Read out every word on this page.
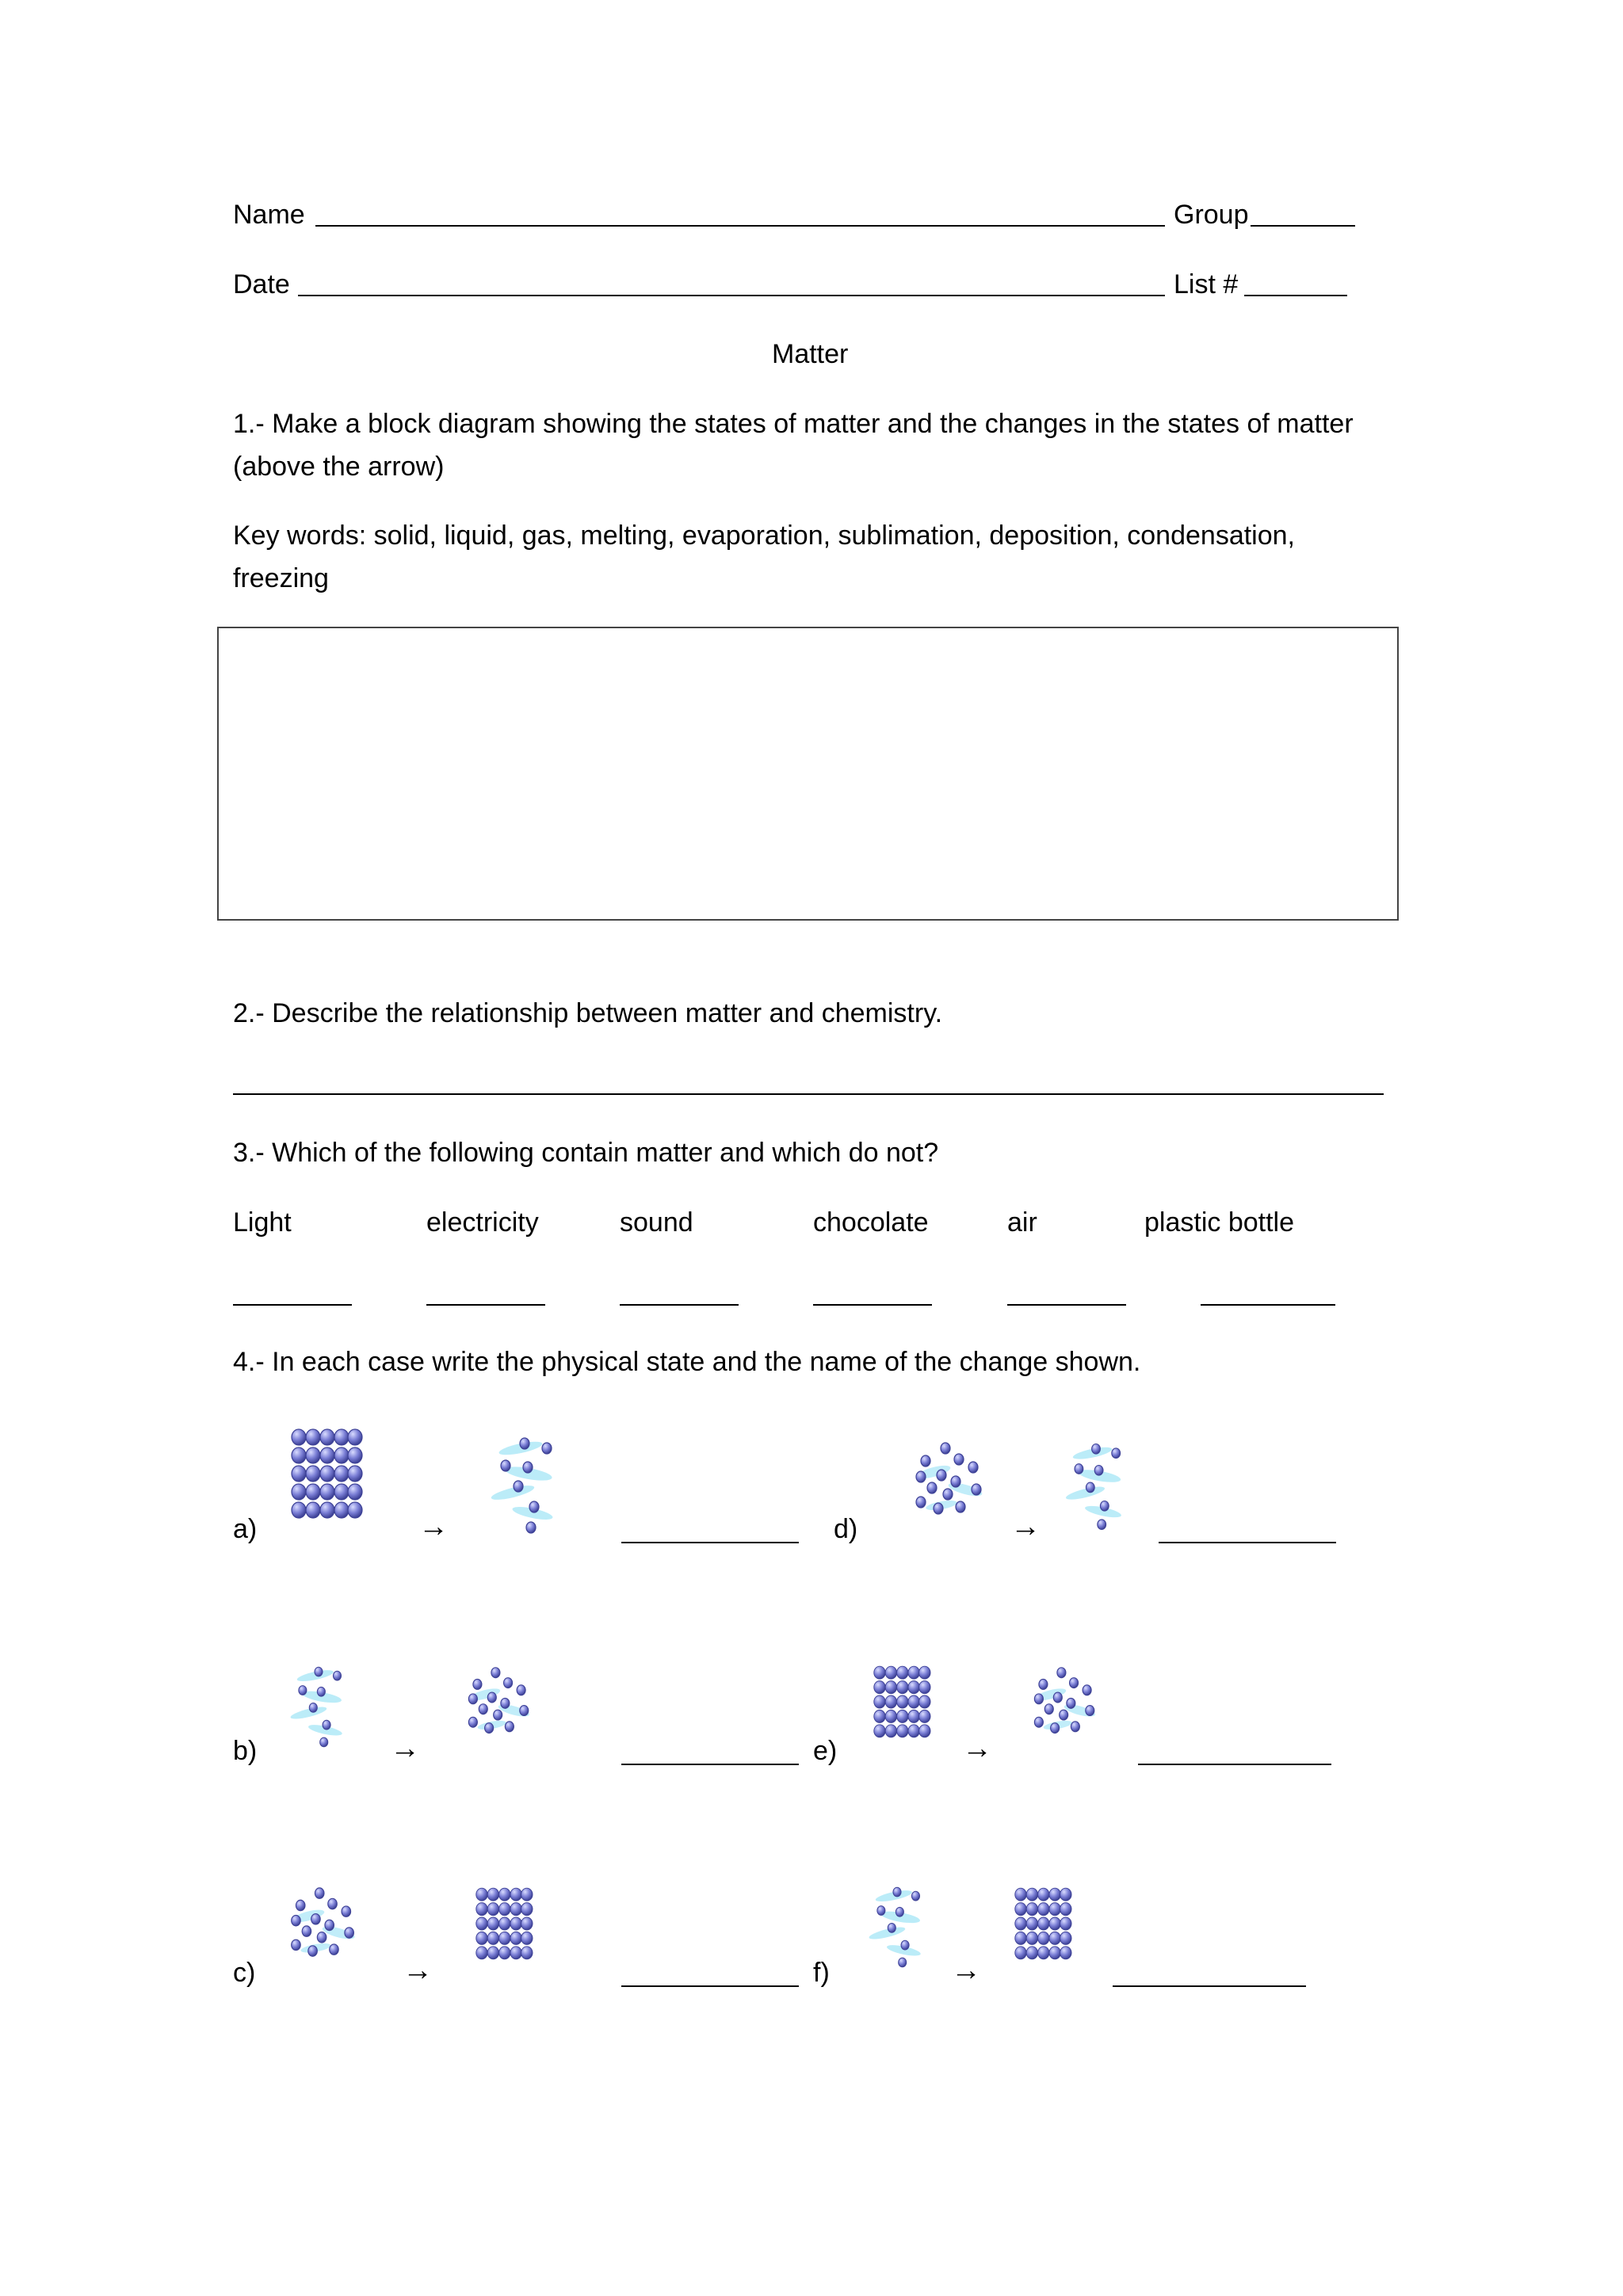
Name	Group
Date	List #
Matter
1.- Make a block diagram showing the states of matter and the changes in the states of matter (above the arrow)
Key words: solid, liquid, gas, melting, evaporation, sublimation, deposition, condensation, freezing
2.- Describe the relationship between matter and chemistry.
3.- Which of the following contain matter and which do not?
Light	electricity	sound	chocolate	air	plastic bottle
4.- In each case write the physical state and the name of the change shown.
a)	→	d)	→
b)	→	e)	→
c)	→	f)	→
